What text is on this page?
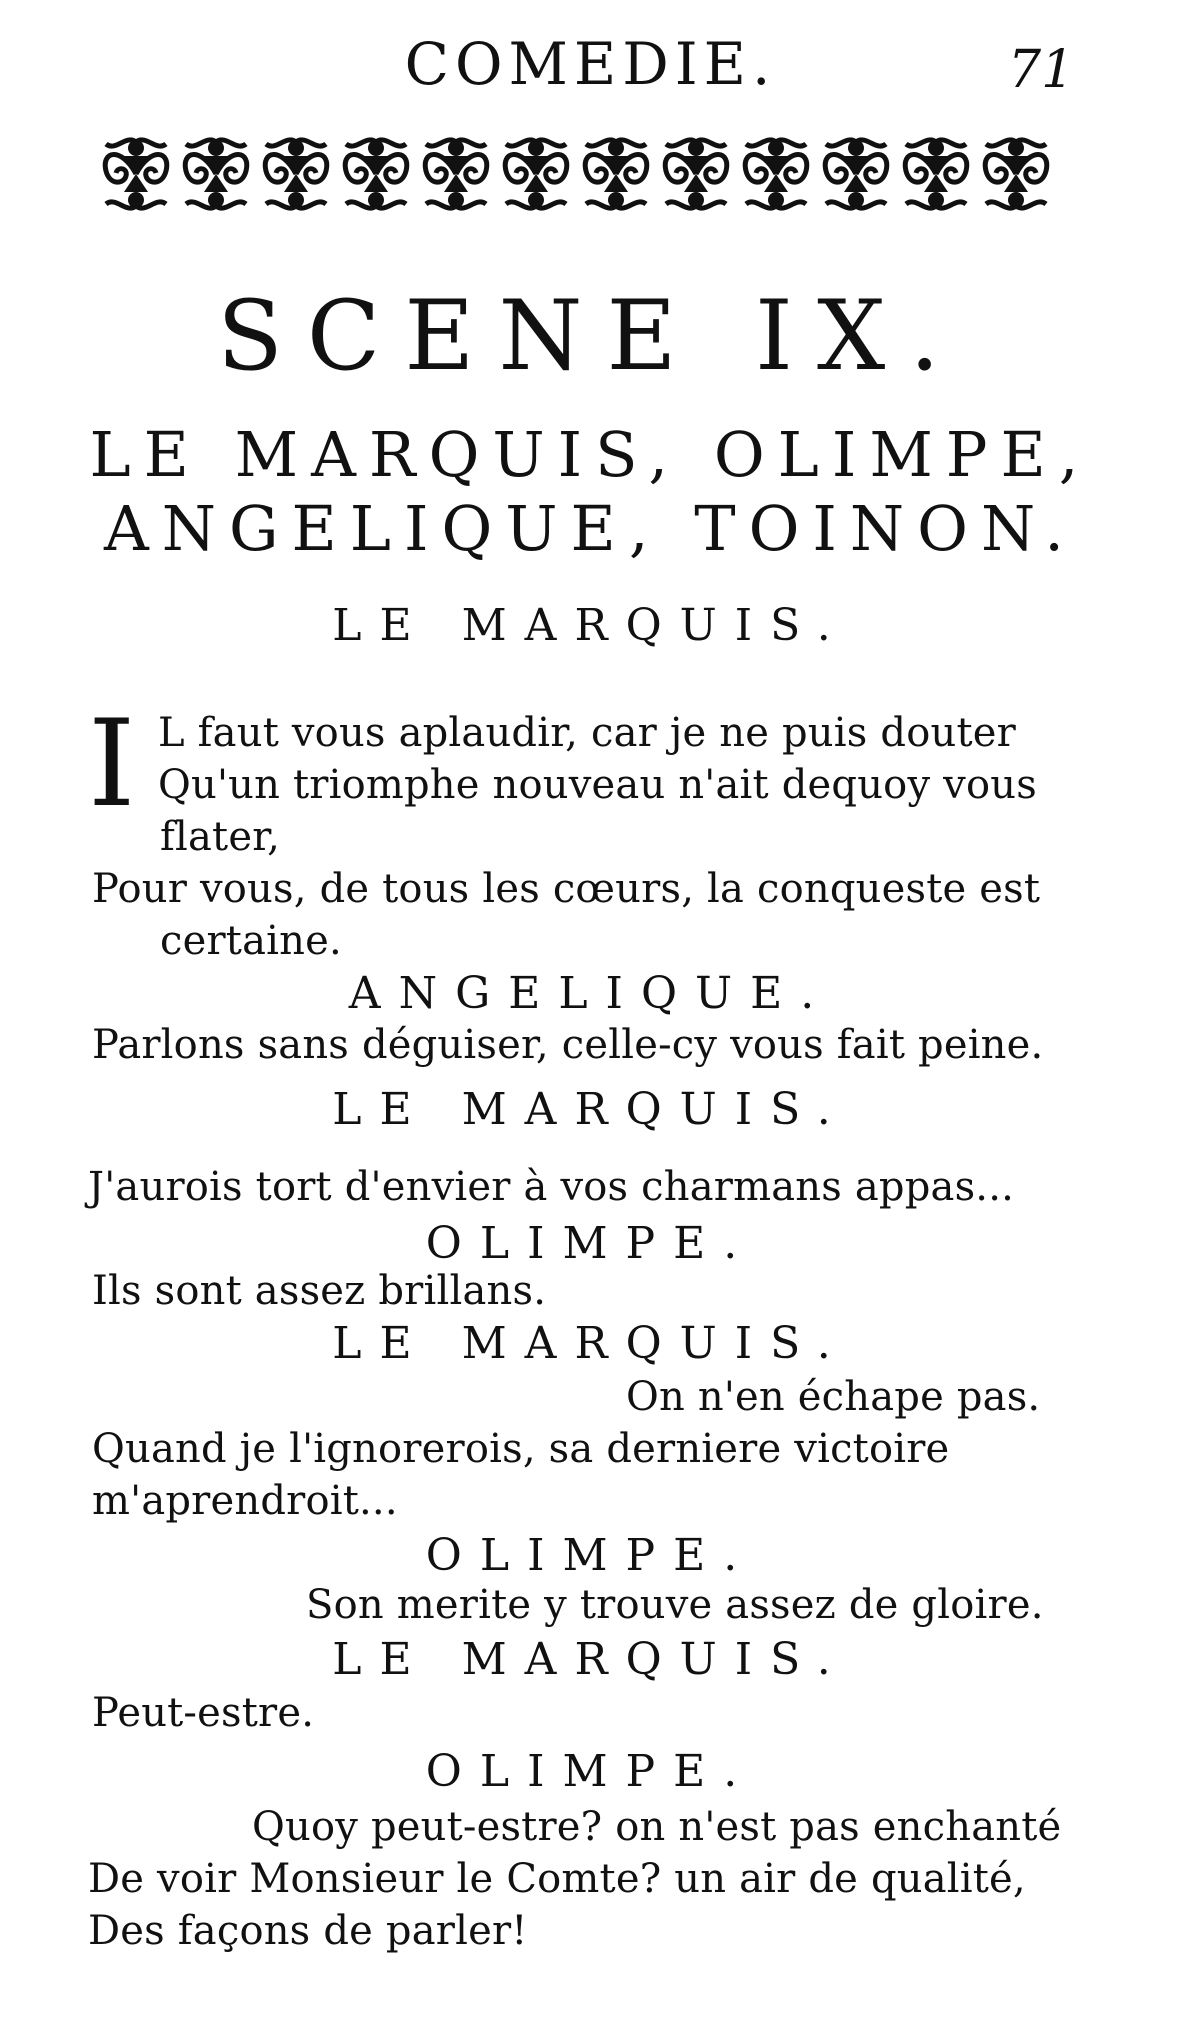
COMEDIE.	71
SCENE IX.
LE MARQUIS, OLIMPE,
ANGELIQUE, TOINON.
LE MARQUIS.
I L faut vous aplaudir, car je ne puis douter
Qu'un triomphe nouveau n'ait dequoy vous
flater,
Pour vous, de tous les cœurs, la conqueste est
certaine.
ANGELIQUE.
Parlons sans déguiser, celle-cy vous fait peine.
LE MARQUIS.
J'aurois tort d'envier à vos charmans appas...
OLIMPE.
Ils sont assez brillans.
LE MARQUIS.
On n'en échape pas.
Quand je l'ignorerois, sa derniere victoire
m'aprendroit...
OLIMPE.
Son merite y trouve assez de gloire.
LE MARQUIS.
Peut-estre.
OLIMPE.
Quoy peut-estre? on n'est pas enchanté
De voir Monsieur le Comte? un air de qualité,
Des façons de parler!
